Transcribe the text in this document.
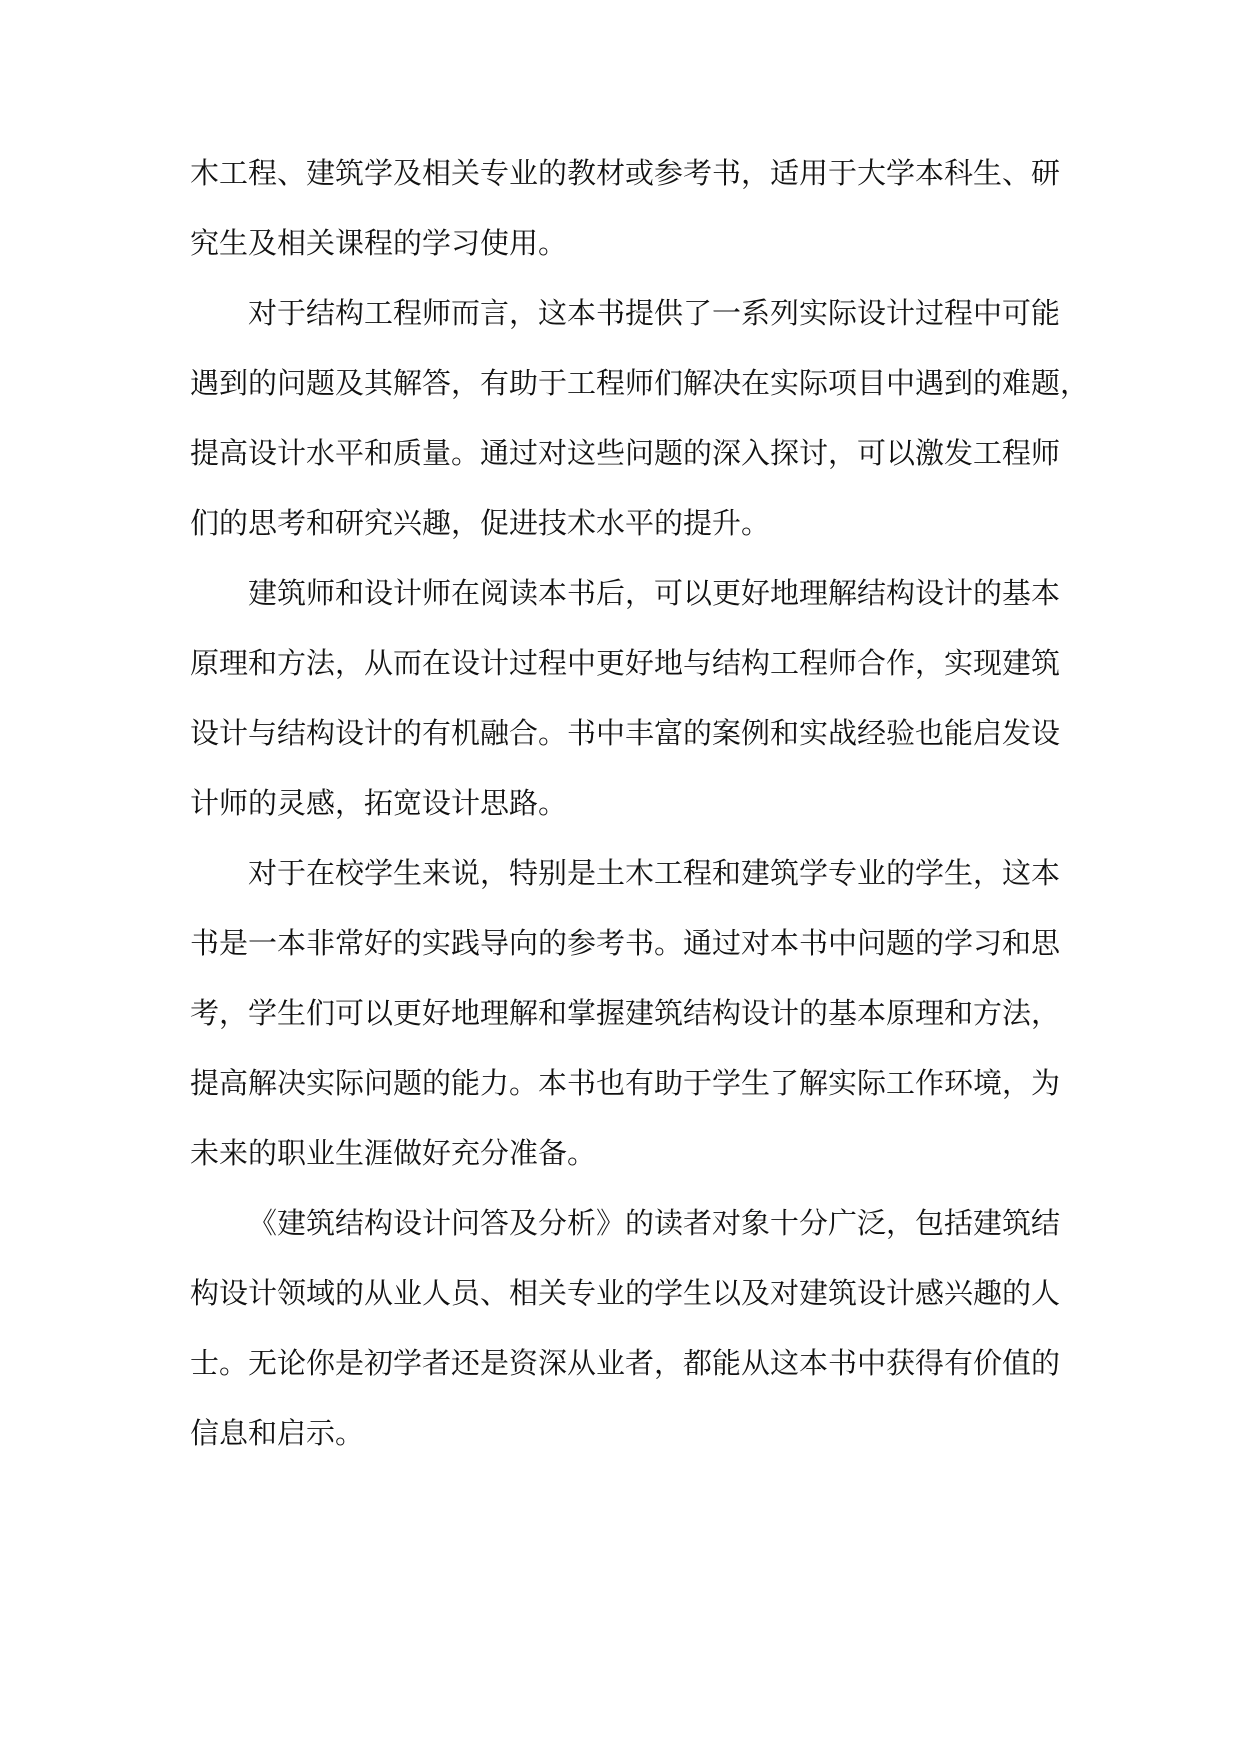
木工程、建筑学及相关专业的教材或参考书，适用于大学本科生、研
究生及相关课程的学习使用。

对于结构工程师而言，这本书提供了一系列实际设计过程中可能
遇到的问题及其解答，有助于工程师们解决在实际项目中遇到的难题，
提高设计水平和质量。通过对这些问题的深入探讨，可以激发工程师
们的思考和研究兴趣，促进技术水平的提升。

建筑师和设计师在阅读本书后，可以更好地理解结构设计的基本
原理和方法，从而在设计过程中更好地与结构工程师合作，实现建筑
设计与结构设计的有机融合。书中丰富的案例和实战经验也能启发设
计师的灵感，拓宽设计思路。

对于在校学生来说，特别是土木工程和建筑学专业的学生，这本
书是一本非常好的实践导向的参考书。通过对本书中问题的学习和思
考，学生们可以更好地理解和掌握建筑结构设计的基本原理和方法，
提高解决实际问题的能力。本书也有助于学生了解实际工作环境，为
未来的职业生涯做好充分准备。

《建筑结构设计问答及分析》的读者对象十分广泛，包括建筑结
构设计领域的从业人员、相关专业的学生以及对建筑设计感兴趣的人
士。无论你是初学者还是资深从业者，都能从这本书中获得有价值的
信息和启示。
